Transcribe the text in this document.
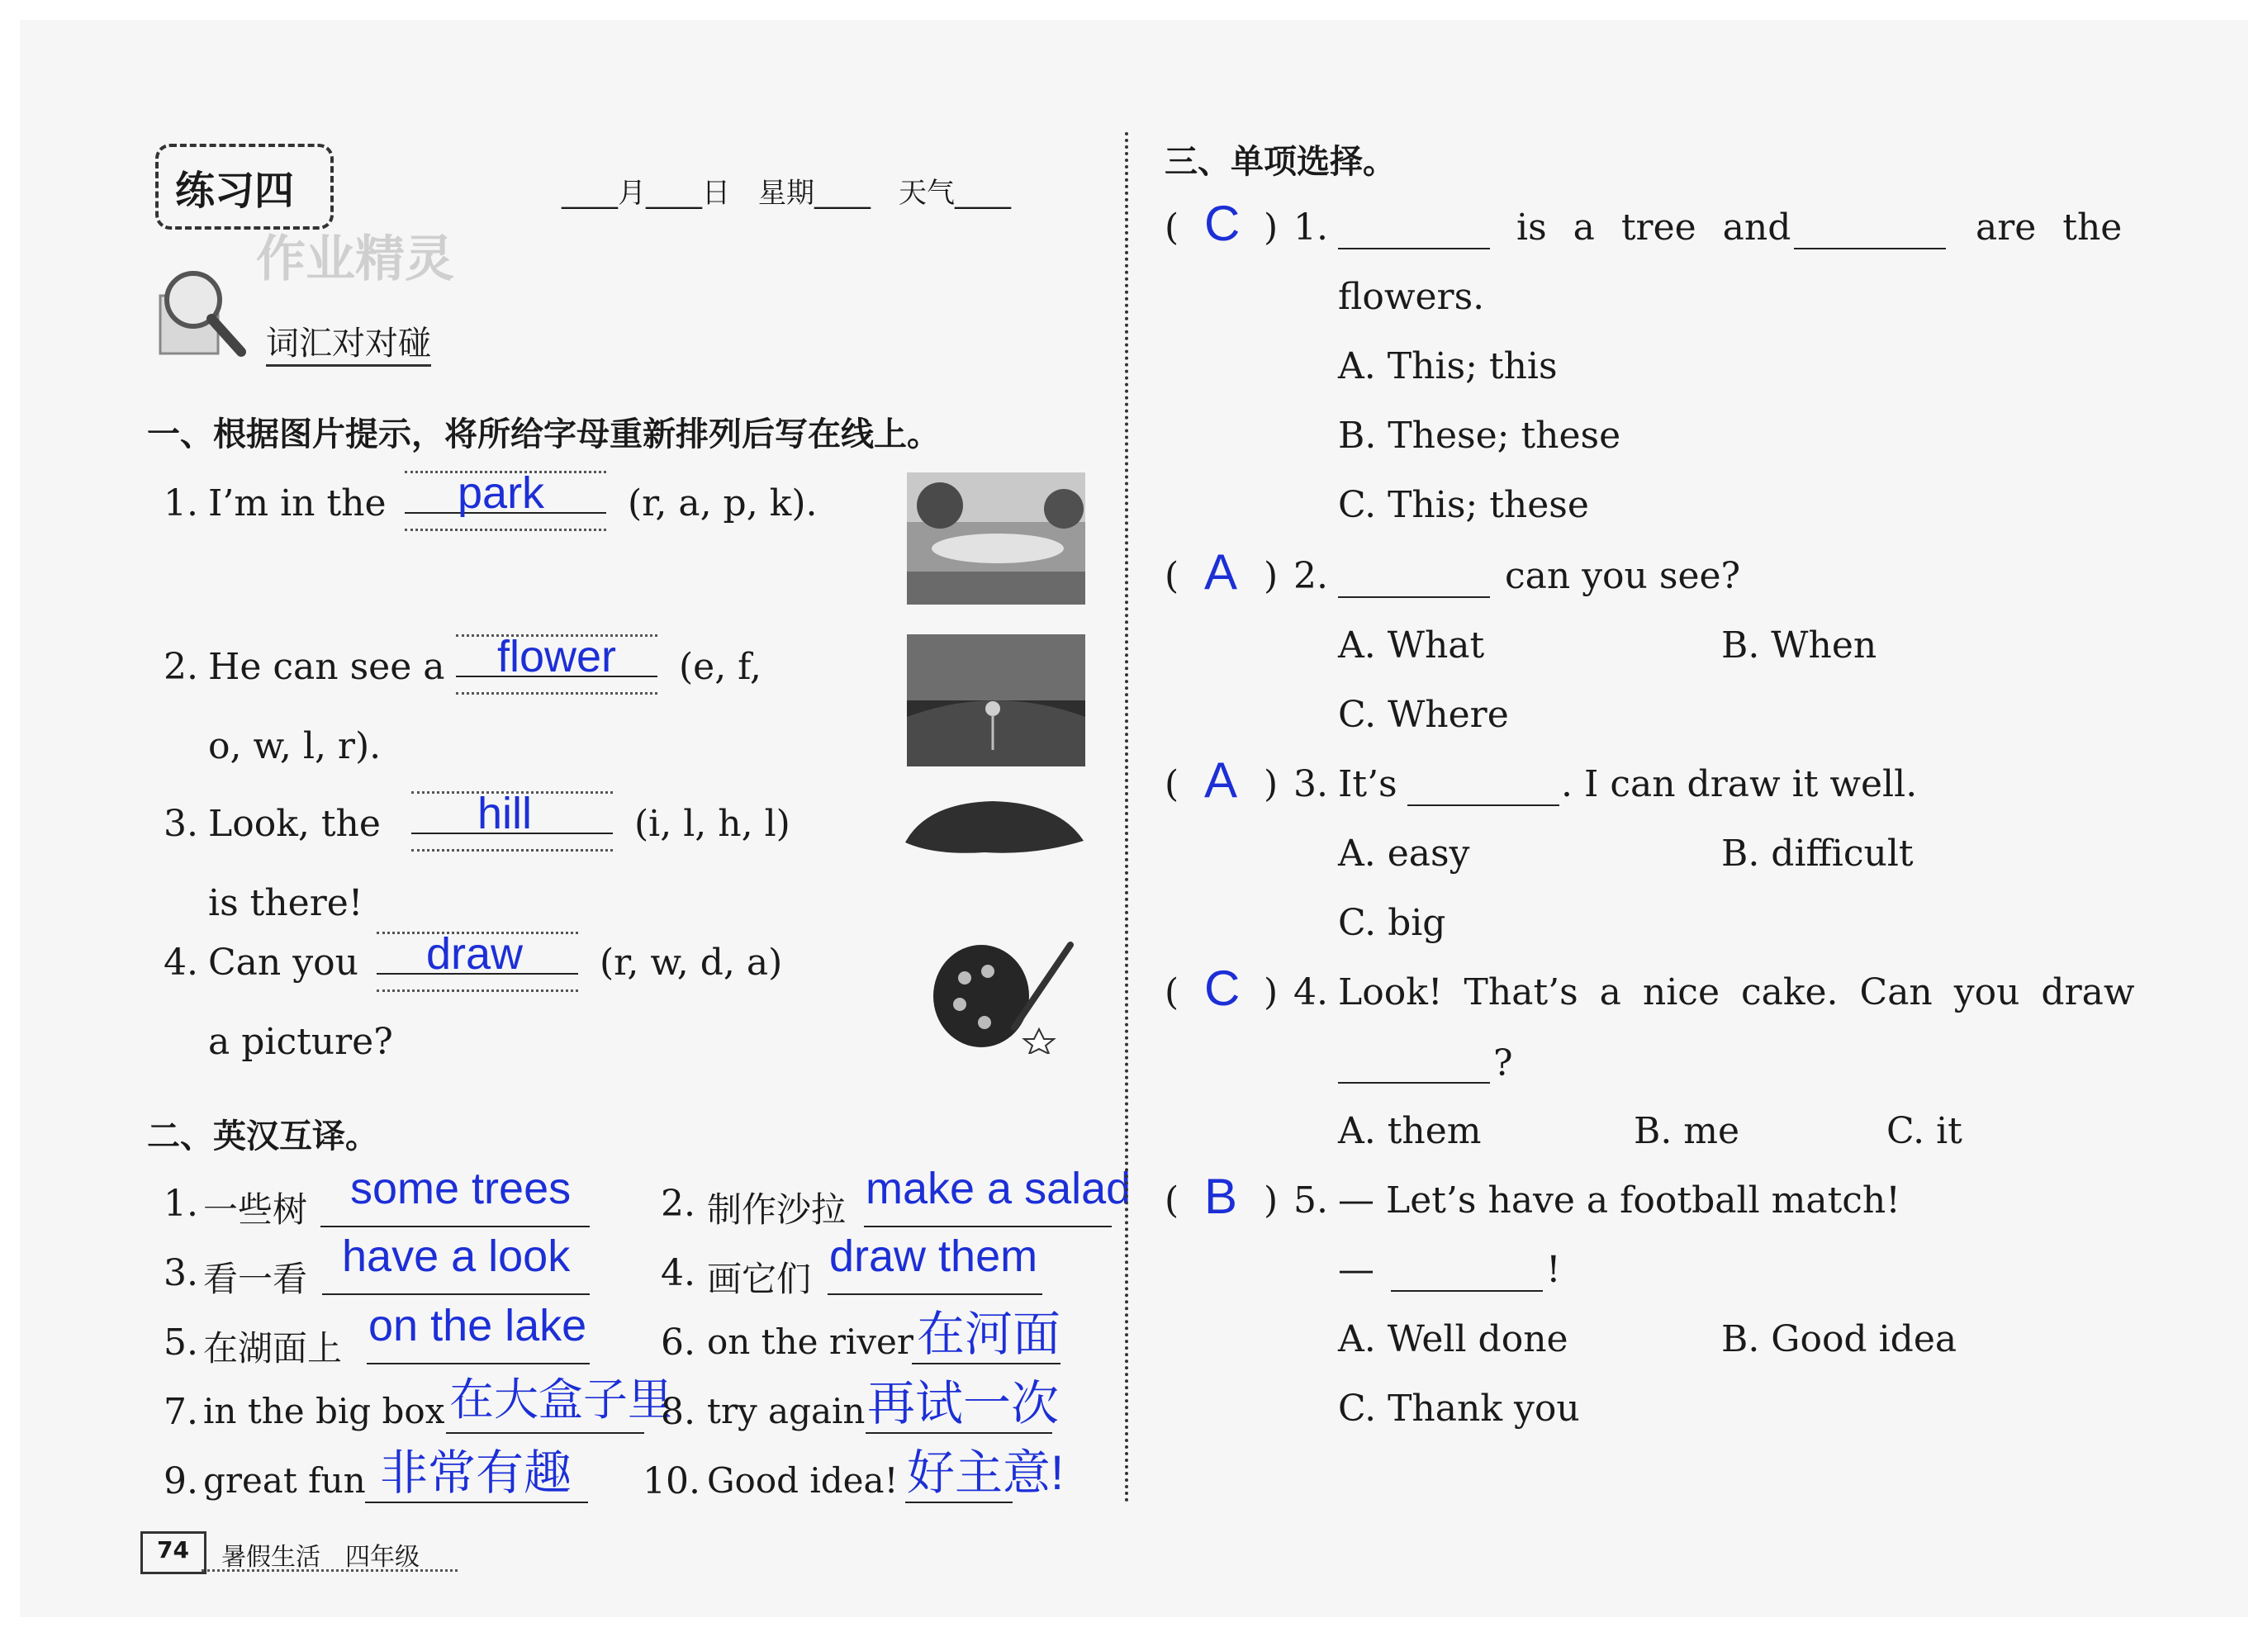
练习四	____月____日　星期____　天气____
作业精灵
词汇对对碰
一、根据图片提示，将所给字母重新排列后写在线上。
1. I’m in the park (r, a, p, k).
2. He can see a flower (e, f,
o, w, l, r).
3. Look, the hill	(i, l, h, l)
is there!
4. Can you draw (r, w, d, a)
a picture?
二、英汉互译。
1. 一些树 some trees 2. 制作沙拉 make a salad
3. 看一看 have a look 4. 画它们 draw them
5. 在湖面上 on the lake 6. on the river 在河面
7. in the big box 在大盒子里
8. try again 再试一次
9. great fun 非常有趣 10. Good idea! 好主意!
74 暑假生活　四年级
三、单项选择。
( C ) 1.	is a tree and	are the
flowers.
A. This; this
B. These; these
C. This; these
( A ) 2.	can you see?
A. What	B. When
C. Where
( A ) 3. It’s	. I can draw it well.
A. easy	B. difficult
C. big
( C ) 4. Look! That’s a nice cake. Can you draw
?
A. them	B. me	C. it
( B ) 5. — Let’s have a football match!
—	!
A. Well done	B. Good idea
C. Thank you
